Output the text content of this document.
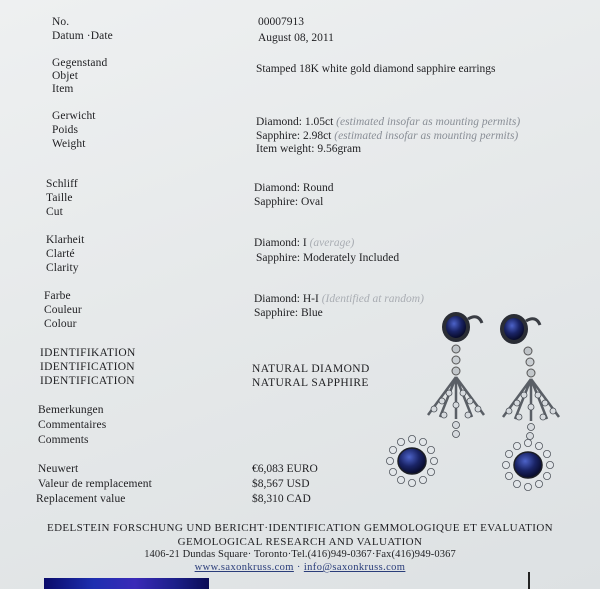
No.
Datum ·Date
00007913
August 08, 2011
Gegenstand
Objet
Item
Stamped 18K white gold diamond sapphire earrings
Gerwicht
Poids
Weight
Diamond: 1.05ct (estimated insofar as mounting permits)
Sapphire: 2.98ct (estimated insofar as mounting permits)
Item weight: 9.56gram
Schliff
Taille
Cut
Diamond: Round
Sapphire: Oval
Klarheit
Clarté
Clarity
Diamond: I (average)
Sapphire: Moderately Included
Farbe
Couleur
Colour
Diamond: H-I (Identified at random)
Sapphire: Blue
IDENTIFIKATION
IDENTIFICATION
IDENTIFICATION
NATURAL DIAMOND
NATURAL SAPPHIRE
Bemerkungen
Commentaires
Comments
Neuwert
Valeur de remplacement
Replacement value
€6,083 EURO
$8,567 USD
$8,310 CAD
EDELSTEIN FORSCHUNG UND BERICHT·IDENTIFICATION GEMMOLOGIQUE ET EVALUATION
GEMOLOGICAL RESEARCH AND VALUATION
1406-21 Dundas Square· Toronto·Tel.(416)949-0367·Fax(416)949-0367
www.saxonkruss.com · info@saxonkruss.com
